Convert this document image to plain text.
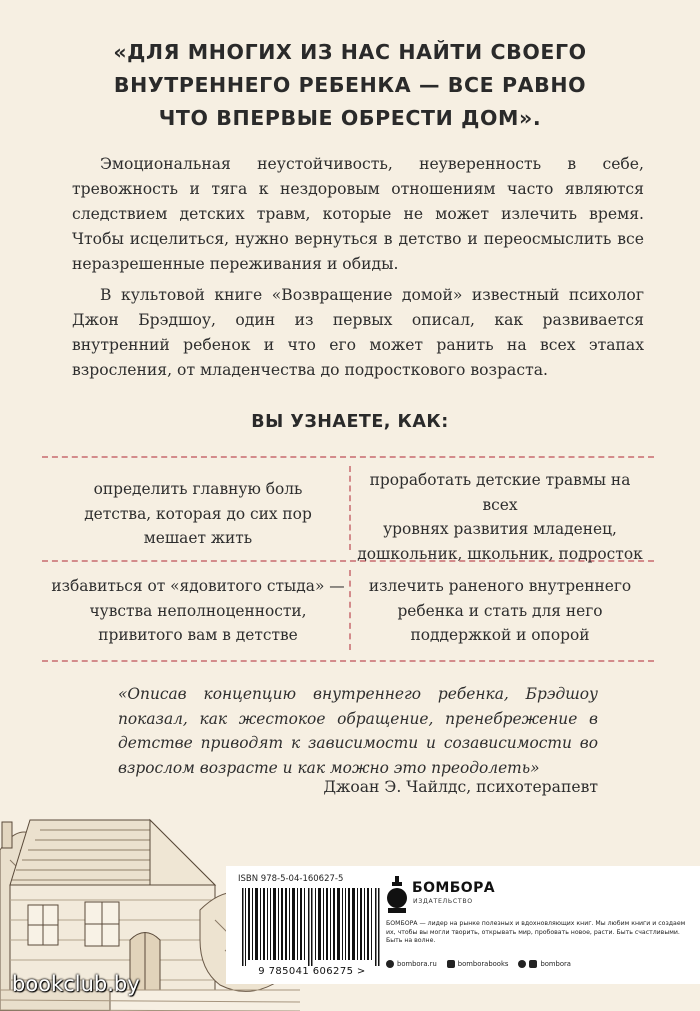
«ДЛЯ МНОГИХ ИЗ НАС НАЙТИ СВОЕГО
ВНУТРЕННЕГО РЕБЕНКА — ВСЕ РАВНО
ЧТО ВПЕРВЫЕ ОБРЕСТИ ДОМ».

Эмоциональная неустойчивость, неуверенность в себе, тревожность и тяга к нездоровым отношениям часто являются следствием детских травм, которые не может излечить время. Чтобы исцелиться, нужно вернуться в детство и переосмыслить все неразрешенные переживания и обиды.

В культовой книге «Возвращение домой» известный психолог Джон Брэдшоу, один из первых описал, как развивается внутренний ребенок и что его может ранить на всех этапах взросления, от младенчества до подросткового возраста.

ВЫ УЗНАЕТЕ, КАК:
определить главную боль
детства, которая до сих пор
мешает жить
проработать детские травмы на всех
уровнях развития младенец,
дошкольник, школьник, подросток
избавиться от «ядовитого стыда» —
чувства неполноценности,
привитого вам в детстве
излечить раненого внутреннего
ребенка и стать для него
поддержкой и опорой
«Описав концепцию внутреннего ребенка, Брэдшоу показал, как жестокое обращение, пренебрежение в детстве приводят к зависимости и созависимости во взрослом возрасте и как можно это преодолеть»
Джоан Э. Чайлдс, психотерапевт
ISBN 978-5-04-160627-5
9 785041 606275 >
БОМБОРА
ИЗДАТЕЛЬСТВО
БОМБОРА — лидер на рынке полезных и вдохновляющих книг. Мы любим книги и создаем их, чтобы вы могли творить, открывать мир, пробовать новое, расти. Быть счастливыми. Быть на волне.
bombora.ru	bomborabooks	bombora
bookclub.by
